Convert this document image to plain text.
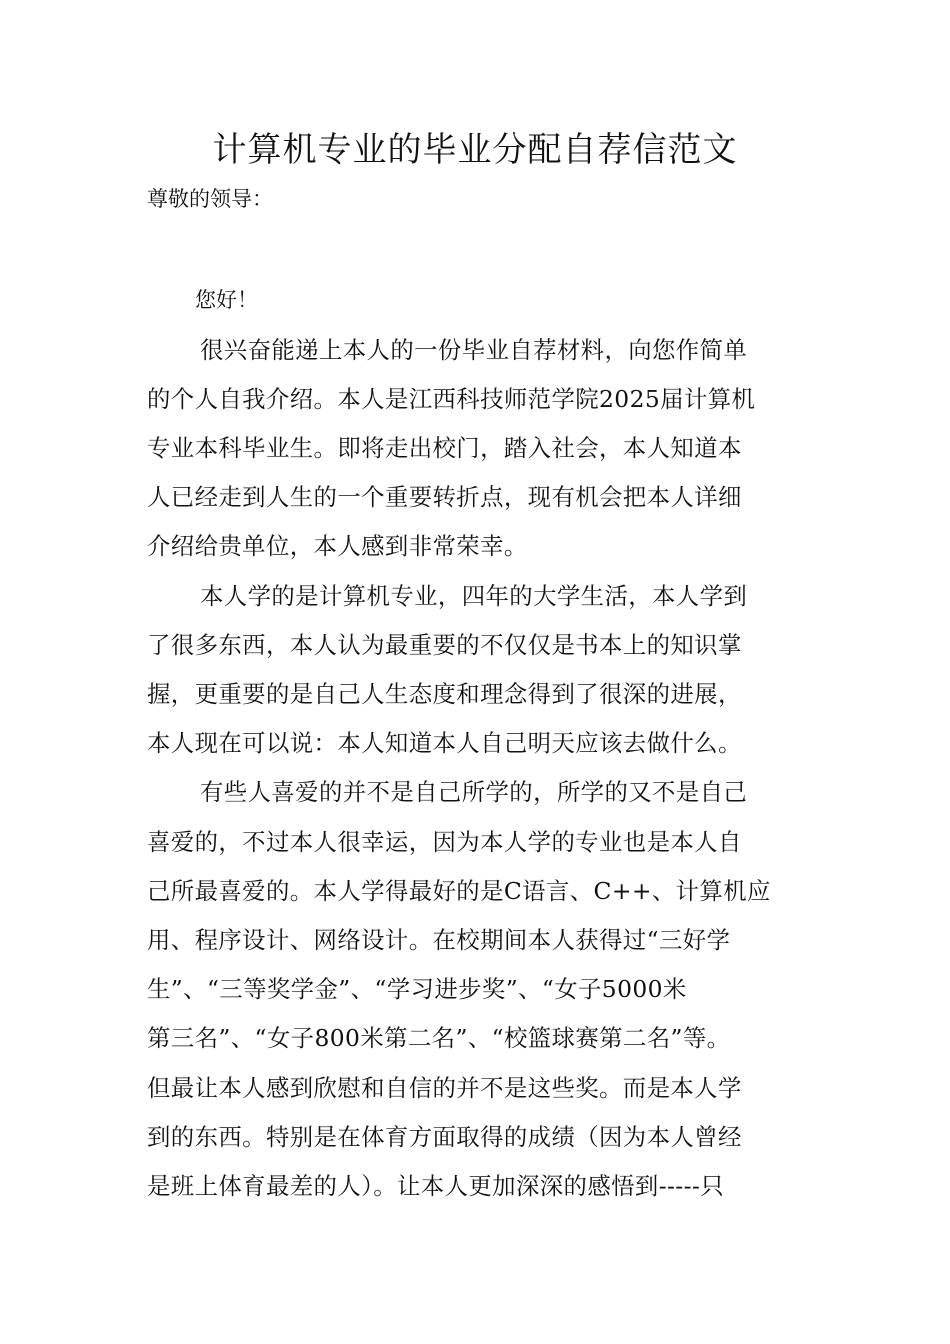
计算机专业的毕业分配自荐信范文
尊敬的领导：
您好！
很兴奋能递上本人的一份毕业自荐材料，向您作简单
的个人自我介绍。本人是江西科技师范学院2025届计算机
专业本科毕业生。即将走出校门，踏入社会，本人知道本
人已经走到人生的一个重要转折点，现有机会把本人详细
介绍给贵单位，本人感到非常荣幸。
本人学的是计算机专业，四年的大学生活，本人学到
了很多东西，本人认为最重要的不仅仅是书本上的知识掌
握，更重要的是自己人生态度和理念得到了很深的进展，
本人现在可以说：本人知道本人自己明天应该去做什么。
有些人喜爱的并不是自己所学的，所学的又不是自己
喜爱的，不过本人很幸运，因为本人学的专业也是本人自
己所最喜爱的。本人学得最好的是C语言、C++、计算机应
用、程序设计、网络设计。在校期间本人获得过“三好学
生”、“三等奖学金”、“学习进步奖”、“女子5000米
第三名”、“女子800米第二名”、“校篮球赛第二名”等。
但最让本人感到欣慰和自信的并不是这些奖。而是本人学
到的东西。特别是在体育方面取得的成绩（因为本人曾经
是班上体育最差的人）。让本人更加深深的感悟到-----只
